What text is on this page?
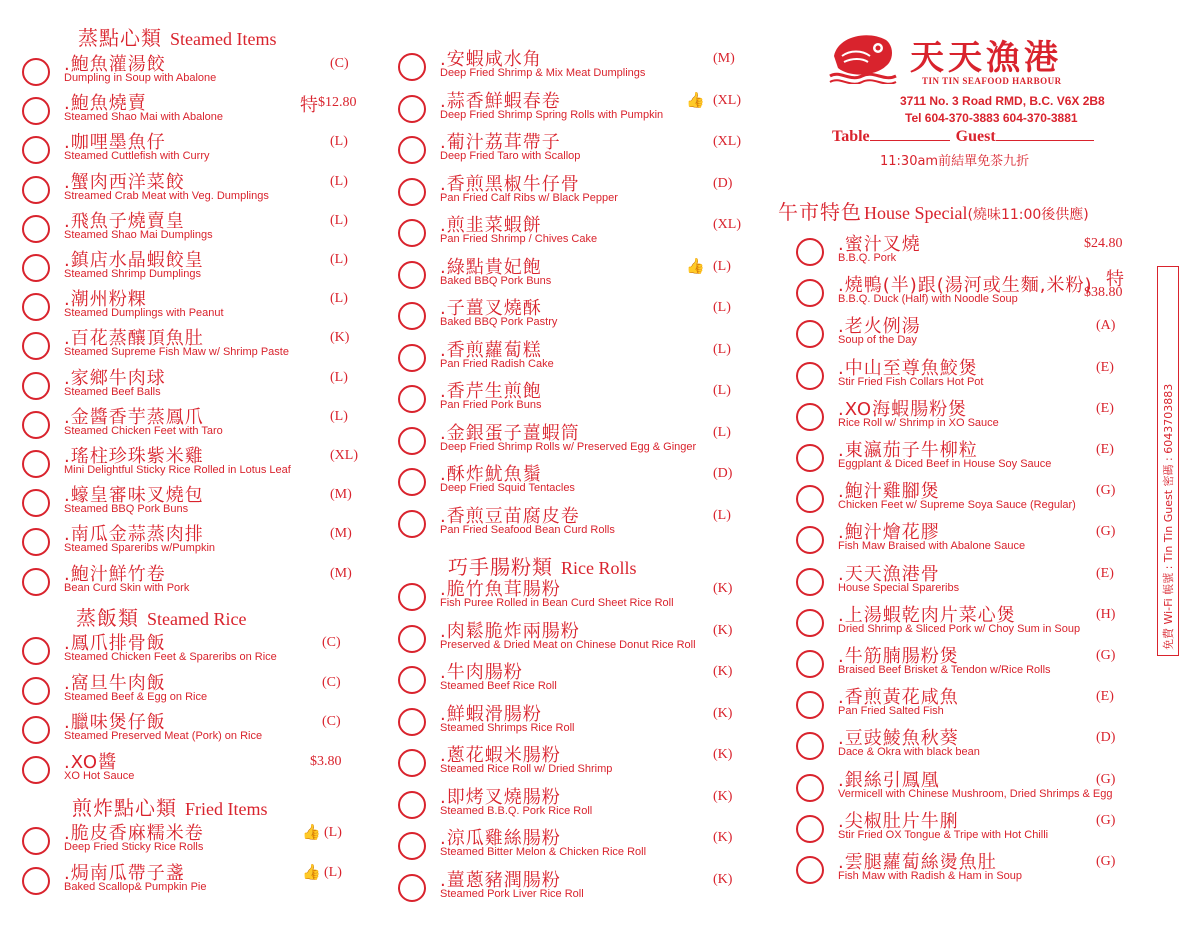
天天漁港
TIN TIN SEAFOOD HARBOUR
3711 No. 3 Road RMD, B.C. V6X 2B8
Tel 604-370-3883 604-370-3881
Table	Guest
11:30am前結單免茶九折
免費 Wi-Fi 帳號 : Tin Tin Guest 密碼 : 6043703883
蒸點心類 Steamed Items
蒸飯類 Steamed Rice
煎炸點心類 Fried Items
巧手腸粉類 Rice Rolls
午市特色 House Special(燒味11:00後供應)
.鮑魚灌湯餃
Dumpling in Soup with Abalone
(C)
.鮑魚燒賣
Steamed Shao Mai with Abalone
特 $12.80
.咖哩墨魚仔
Steamed Cuttlefish with Curry
(L)
.蟹肉西洋菜餃
Streamed Crab Meat with Veg. Dumplings
(L)
.飛魚子燒賣皇
Steamed Shao Mai Dumplings
(L)
.鎮店水晶蝦餃皇
Steamed Shrimp Dumplings
(L)
.潮州粉粿
Steamed Dumplings with Peanut
(L)
.百花蒸釀頂魚肚
Steamed Supreme Fish Maw w/ Shrimp Paste
(K)
.家鄉牛肉球
Steamed Beef Balls
(L)
.金醬香芋蒸鳳爪
Steamed Chicken Feet with Taro
(L)
.瑤柱珍珠紫米雞
Mini Delightful Sticky Rice Rolled in Lotus Leaf
(XL)
.蠔皇審味叉燒包
Steamed BBQ Pork Buns
(M)
.南瓜金蒜蒸肉排
Steamed Spareribs w/Pumpkin
(M)
.鮑汁鮮竹卷
Bean Curd Skin with Pork
(M)
.鳳爪排骨飯
Steamed Chicken Feet & Spareribs on Rice
(C)
.窩旦牛肉飯
Steamed Beef & Egg on Rice
(C)
.臘味煲仔飯
Steamed Preserved Meat (Pork) on Rice
(C)
.XO醬
XO Hot Sauce
$3.80
.脆皮香麻糯米卷
Deep Fried Sticky Rice Rolls
👍 (L)
.焗南瓜帶子盞
Baked Scallop& Pumpkin Pie
👍 (L)
.安蝦咸水角
Deep Fried Shrimp & Mix Meat Dumplings
(M)
.蒜香鮮蝦春卷
Deep Fried Shrimp Spring Rolls with Pumpkin
👍 (XL)
.葡汁荔茸帶子
Deep Fried Taro with Scallop
(XL)
.香煎黑椒牛仔骨
Pan Fried Calf Ribs w/ Black Pepper
(D)
.煎韭菜蝦餅
Pan Fried Shrimp / Chives Cake
(XL)
.綠點貴妃飽
Baked BBQ Pork Buns
👍 (L)
.子薑叉燒酥
Baked BBQ Pork Pastry
(L)
.香煎蘿蔔糕
Pan Fried Radish Cake
(L)
.香芹生煎飽
Pan Fried Pork Buns
(L)
.金銀蛋子薑蝦筒
Deep Fried Shrimp Rolls w/ Preserved Egg & Ginger
(L)
.酥炸魷魚鬚
Deep Fried Squid Tentacles
(D)
.香煎豆苗腐皮卷
Pan Fried Seafood Bean Curd Rolls
(L)
.脆竹魚茸腸粉
Fish Puree Rolled in Bean Curd Sheet Rice Roll
(K)
.肉鬆脆炸兩腸粉
Preserved & Dried Meat on Chinese Donut Rice Roll
(K)
.牛肉腸粉
Steamed Beef Rice Roll
(K)
.鮮蝦滑腸粉
Steamed Shrimps Rice Roll
(K)
.蔥花蝦米腸粉
Steamed Rice Roll w/ Dried Shrimp
(K)
.即烤叉燒腸粉
Steamed B.B.Q. Pork Rice Roll
(K)
.涼瓜雞絲腸粉
Steamed Bitter Melon & Chicken Rice Roll
(K)
.薑蔥豬潤腸粉
Steamed Pork Liver Rice Roll
(K)
.蜜汁叉燒
B.B.Q. Pork
$24.80
.燒鴨(半)跟(湯河或生麵,米粉)
B.B.Q. Duck (Half) with Noodle Soup
特
$38.80
.老火例湯
Soup of the Day
(A)
.中山至尊魚鮫煲
Stir Fried Fish Collars Hot Pot
(E)
.XO海蝦腸粉煲
Rice Roll w/ Shrimp in XO Sauce
(E)
.東瀛茄子牛柳粒
Eggplant & Diced Beef in House Soy Sauce
(E)
.鮑汁雞腳煲
Chicken Feet w/ Supreme Soya Sauce (Regular)
(G)
.鮑汁燴花膠
Fish Maw Braised with Abalone Sauce
(G)
.天天漁港骨
House Special Spareribs
(E)
.上湯蝦乾肉片菜心煲
Dried Shrimp & Sliced Pork w/ Choy Sum in Soup
(H)
.牛筋腩腸粉煲
Braised Beef Brisket & Tendon w/Rice Rolls
(G)
.香煎黃花咸魚
Pan Fried Salted Fish
(E)
.豆豉鯪魚秋葵
Dace & Okra with black bean
(D)
.銀絲引鳳凰
Vermicell with Chinese Mushroom, Dried Shrimps & Egg
(G)
.尖椒肚片牛脷
Stir Fried OX Tongue & Tripe with Hot Chilli
(G)
.雲腿蘿蔔絲燙魚肚
Fish Maw with Radish & Ham in Soup
(G)
